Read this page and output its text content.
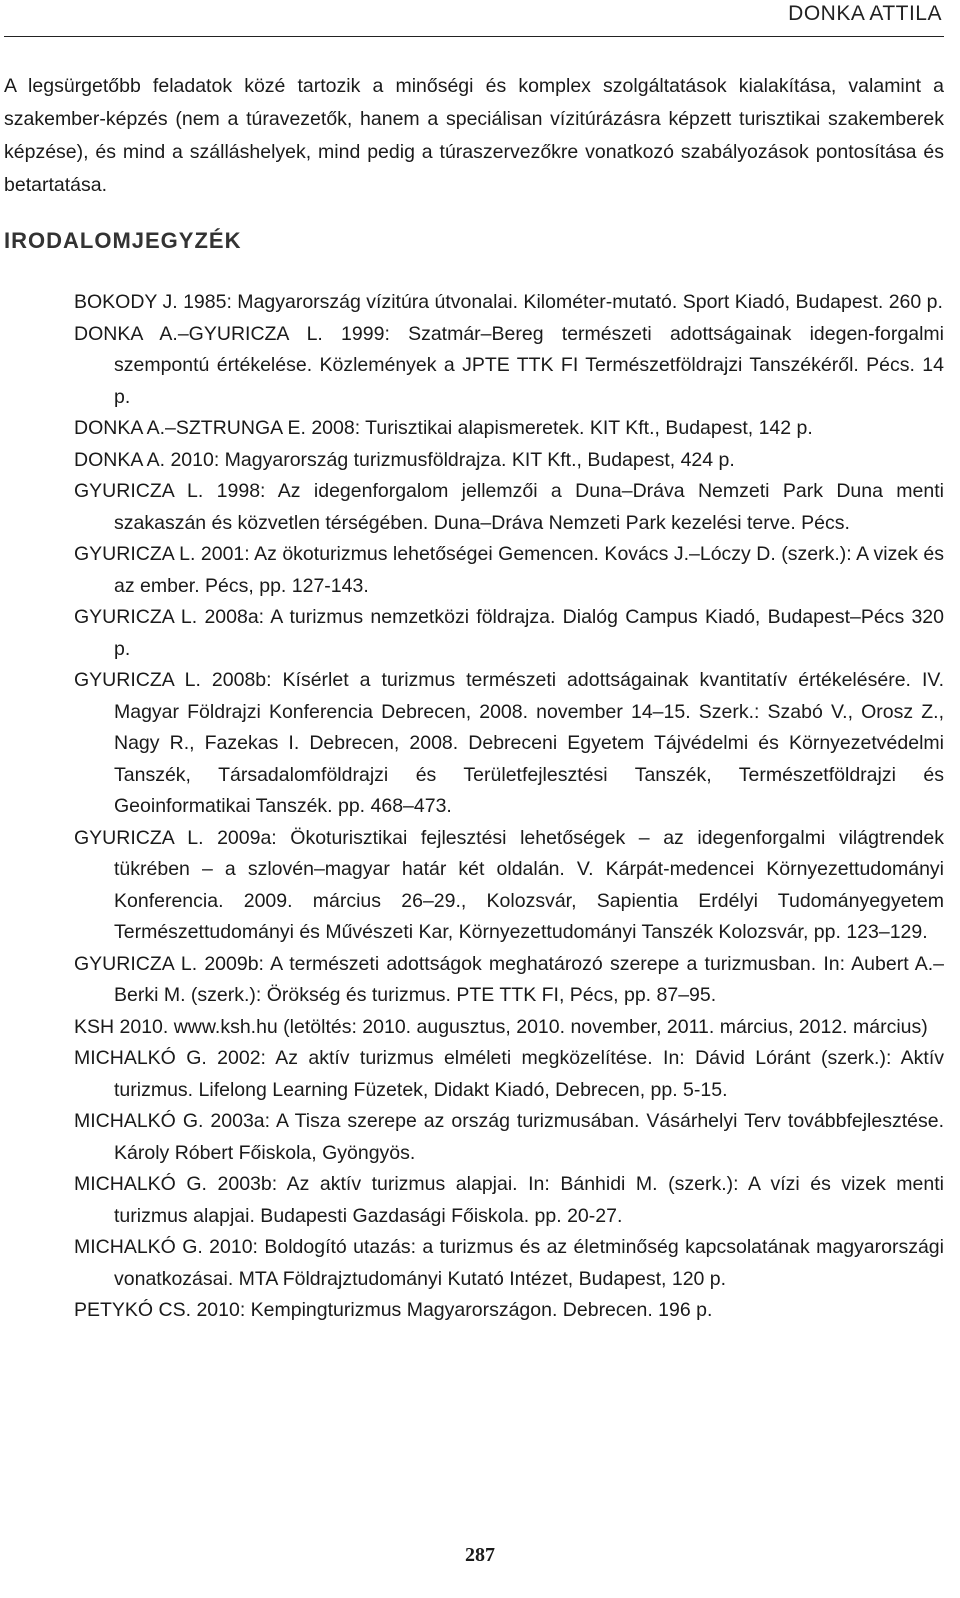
DONKA ATTILA

A legsürgetőbb feladatok közé tartozik a minőségi és komplex szolgáltatások kialakítása, valamint a szakember-képzés (nem a túravezetők, hanem a speciálisan vízitúrázásra képzett turisztikai szakemberek képzése), és mind a szálláshelyek, mind pedig a túraszervezőkre vonatkozó szabályozások pontosítása és betartatása.

IRODALOMJEGYZÉK
BOKODY J. 1985: Magyarország vízitúra útvonalai. Kilométer-mutató. Sport Kiadó, Budapest. 260 p.
DONKA A.–GYURICZA L. 1999: Szatmár–Bereg természeti adottságainak idegen-forgalmi szempontú értékelése. Közlemények a JPTE TTK FI Természetföldrajzi Tanszékéről. Pécs. 14 p.
DONKA A.–SZTRUNGA E. 2008: Turisztikai alapismeretek. KIT Kft., Budapest, 142 p.
DONKA A. 2010: Magyarország turizmusföldrajza. KIT Kft., Budapest, 424 p.
GYURICZA L. 1998: Az idegenforgalom jellemzői a Duna–Dráva Nemzeti Park Duna menti szakaszán és közvetlen térségében. Duna–Dráva Nemzeti Park kezelési terve. Pécs.
GYURICZA L. 2001: Az ökoturizmus lehetőségei Gemencen. Kovács J.–Lóczy D. (szerk.): A vizek és az ember. Pécs, pp. 127-143.
GYURICZA L. 2008a: A turizmus nemzetközi földrajza. Dialóg Campus Kiadó, Budapest–Pécs 320 p.
GYURICZA L. 2008b: Kísérlet a turizmus természeti adottságainak kvantitatív értékelésére. IV. Magyar Földrajzi Konferencia Debrecen, 2008. november 14–15. Szerk.: Szabó V., Orosz Z., Nagy R., Fazekas I. Debrecen, 2008. Debreceni Egyetem Tájvédelmi és Környezetvédelmi Tanszék, Társadalomföldrajzi és Területfejlesztési Tanszék, Természetföldrajzi és Geoinformatikai Tanszék. pp. 468–473.
GYURICZA L. 2009a: Ökoturisztikai fejlesztési lehetőségek – az idegenforgalmi világtrendek tükrében – a szlovén–magyar határ két oldalán. V. Kárpát-medencei Környezettudományi Konferencia. 2009. március 26–29., Kolozsvár, Sapientia Erdélyi Tudományegyetem Természettudományi és Művészeti Kar, Környezettudományi Tanszék Kolozsvár, pp. 123–129.
GYURICZA L. 2009b: A természeti adottságok meghatározó szerepe a turizmusban. In: Aubert A.–Berki M. (szerk.): Örökség és turizmus. PTE TTK FI, Pécs, pp. 87–95.
KSH 2010. www.ksh.hu (letöltés: 2010. augusztus, 2010. november, 2011. március, 2012. március)
MICHALKÓ G. 2002: Az aktív turizmus elméleti megközelítése. In: Dávid Lóránt (szerk.): Aktív turizmus. Lifelong Learning Füzetek, Didakt Kiadó, Debrecen, pp. 5-15.
MICHALKÓ G. 2003a: A Tisza szerepe az ország turizmusában. Vásárhelyi Terv továbbfejlesztése. Károly Róbert Főiskola, Gyöngyös.
MICHALKÓ G. 2003b: Az aktív turizmus alapjai. In: Bánhidi M. (szerk.): A vízi és vizek menti turizmus alapjai. Budapesti Gazdasági Főiskola. pp. 20-27.
MICHALKÓ G. 2010: Boldogító utazás: a turizmus és az életminőség kapcsolatának magyarországi vonatkozásai. MTA Földrajztudományi Kutató Intézet, Budapest, 120 p.
PETYKÓ CS. 2010: Kempingturizmus Magyarországon. Debrecen. 196 p.
287
